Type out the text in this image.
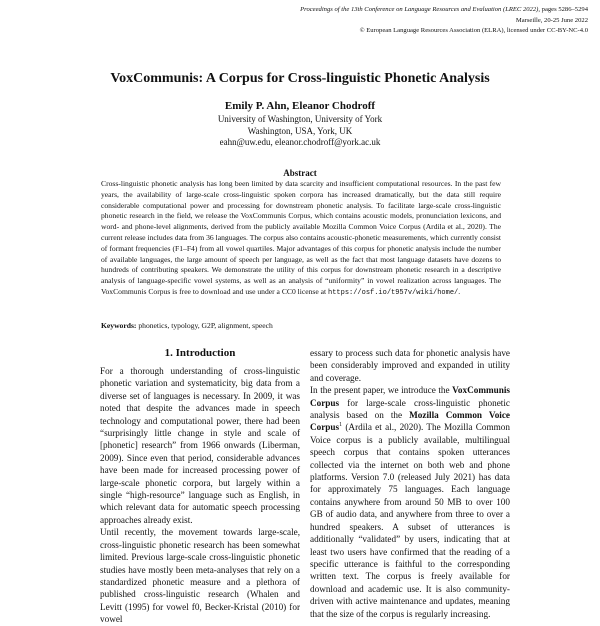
Proceedings of the 13th Conference on Language Resources and Evaluation (LREC 2022), pages 5286–5294
Marseille, 20-25 June 2022
© European Language Resources Association (ELRA), licensed under CC-BY-NC-4.0
VoxCommunis: A Corpus for Cross-linguistic Phonetic Analysis
Emily P. Ahn, Eleanor Chodroff
University of Washington, University of York
Washington, USA, York, UK
eahn@uw.edu, eleanor.chodroff@york.ac.uk
Abstract
Cross-linguistic phonetic analysis has long been limited by data scarcity and insufficient computational resources. In the past few years, the availability of large-scale cross-linguistic spoken corpora has increased dramatically, but the data still require considerable computational power and processing for downstream phonetic analysis. To facilitate large-scale cross-linguistic phonetic research in the field, we release the VoxCommunis Corpus, which contains acoustic models, pronunciation lexicons, and word- and phone-level alignments, derived from the publicly available Mozilla Common Voice Corpus (Ardila et al., 2020). The current release includes data from 36 languages. The corpus also contains acoustic-phonetic measurements, which currently consist of formant frequencies (F1–F4) from all vowel quartiles. Major advantages of this corpus for phonetic analysis include the number of available languages, the large amount of speech per language, as well as the fact that most language datasets have dozens to hundreds of contributing speakers. We demonstrate the utility of this corpus for downstream phonetic research in a descriptive analysis of language-specific vowel systems, as well as an analysis of “uniformity” in vowel realization across languages. The VoxCommunis Corpus is free to download and use under a CC0 license at https://osf.io/t957v/wiki/home/.
Keywords: phonetics, typology, G2P, alignment, speech
1. Introduction

For a thorough understanding of cross-linguistic phonetic variation and systematicity, big data from a diverse set of languages is necessary. In 2009, it was noted that despite the advances made in speech technology and computational power, there had been “surprisingly little change in style and scale of [phonetic] research” from 1966 onwards (Liberman, 2009). Since even that period, considerable advances have been made for increased processing power of large-scale phonetic corpora, but largely within a single “high-resource” language such as English, in which relevant data for automatic speech processing approaches already exist.

Until recently, the movement towards large-scale, cross-linguistic phonetic research has been somewhat limited. Previous large-scale cross-linguistic phonetic studies have mostly been meta-analyses that rely on a standardized phonetic measure and a plethora of published cross-linguistic research (Whalen and Levitt (1995) for vowel f0, Becker-Kristal (2010) for vowel

essary to process such data for phonetic analysis have been considerably improved and expanded in utility and coverage.

In the present paper, we introduce the VoxCommunis Corpus for large-scale cross-linguistic phonetic analysis based on the Mozilla Common Voice Corpus$^1$ (Ardila et al., 2020). The Mozilla Common Voice corpus is a publicly available, multilingual speech corpus that contains spoken utterances collected via the internet on both web and phone platforms. Version 7.0 (released July 2021) has data for approximately 75 languages. Each language contains anywhere from around 50 MB to over 100 GB of audio data, and anywhere from three to over a hundred speakers. A subset of utterances is additionally “validated” by users, indicating that at least two users have confirmed that the reading of a specific utterance is faithful to the corresponding written text. The corpus is freely available for download and academic use. It is also community-driven with active maintenance and updates, meaning that the size of the corpus is regularly increasing.
